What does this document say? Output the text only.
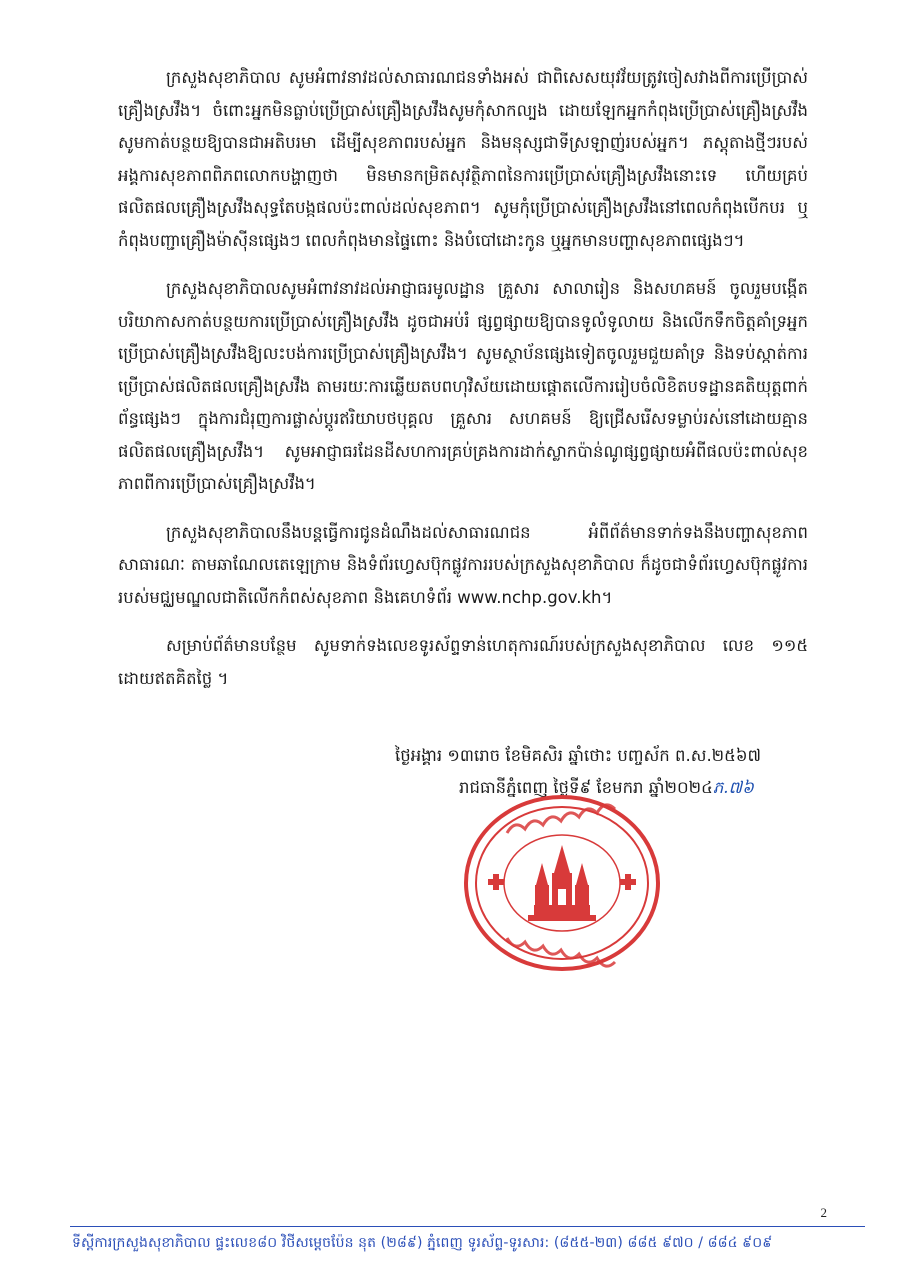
ក្រសួងសុខាភិបាល សូមអំពាវនាវដល់សាធារណជនទាំងអស់ ជាពិសេសយុវវ័យត្រូវចៀសវាងពីការប្រើប្រាស់គ្រឿងស្រវឹង។ ចំពោះអ្នកមិនធ្លាប់ប្រើប្រាស់គ្រឿងស្រវឹងសូមកុំសាកល្បង ដោយឡែកអ្នកកំពុងប្រើប្រាស់គ្រឿងស្រវឹង សូមកាត់បន្ថយឱ្យបានជាអតិបរមា ដើម្បីសុខភាពរបស់អ្នក និងមនុស្សជាទីស្រឡាញ់របស់អ្នក។ ភស្តុតាងថ្មីៗរបស់អង្គការសុខភាពពិភពលោកបង្ហាញថា មិនមានកម្រិតសុវត្ថិភាពនៃការប្រើប្រាស់គ្រឿងស្រវឹងនោះទេ ហើយគ្រប់ផលិតផលគ្រឿងស្រវឹងសុទ្ធតែបង្កផលប៉ះពាល់ដល់សុខភាព។ សូមកុំប្រើប្រាស់គ្រឿងស្រវឹងនៅពេលកំពុងបើកបរ ឬកំពុងបញ្ជាគ្រឿងម៉ាស៊ីនផ្សេងៗ ពេលកំពុងមានផ្ទៃពោះ និងបំបៅដោះកូន ឬអ្នកមានបញ្ហាសុខភាពផ្សេងៗ។

ក្រសួងសុខាភិបាលសូមអំពាវនាវដល់អាជ្ញាធរមូលដ្ឋាន គ្រួសារ សាលារៀន និងសហគមន៍ ចូលរួមបង្កើតបរិយាកាសកាត់បន្ថយការប្រើប្រាស់គ្រឿងស្រវឹង ដូចជាអប់រំ ផ្សព្វផ្សាយឱ្យបានទូលំទូលាយ និងលើកទឹកចិត្តគាំទ្រអ្នកប្រើប្រាស់គ្រឿងស្រវឹងឱ្យលះបង់ការប្រើប្រាស់គ្រឿងស្រវឹង។ សូមស្ថាប័នផ្សេងទៀតចូលរួមជួយគាំទ្រ និងទប់ស្កាត់ការប្រើប្រាស់ផលិតផលគ្រឿងស្រវឹង តាមរយៈការឆ្លើយតបពហុវិស័យដោយផ្តោតលើការរៀបចំលិខិតបទដ្ឋានគតិយុត្តពាក់ព័ន្ធផ្សេងៗ ក្នុងការជំរុញការផ្លាស់ប្តូរឥរិយាបថបុគ្គល គ្រួសារ សហគមន៍ ឱ្យជ្រើសរើសទម្លាប់រស់នៅដោយគ្មានផលិតផលគ្រឿងស្រវឹង។ សូមអាជ្ញាធរដែនដីសហការគ្រប់គ្រងការដាក់ស្លាកប៉ាន់ណូផ្សព្វផ្សាយអំពីផលប៉ះពាល់សុខភាពពីការប្រើប្រាស់គ្រឿងស្រវឹង។

ក្រសួងសុខាភិបាលនឹងបន្តធ្វើការជូនដំណឹងដល់សាធារណជន អំពីព័ត៌មានទាក់ទងនឹងបញ្ហាសុខភាពសាធារណៈ តាមឆាណែលតេឡេក្រាម និងទំព័រហ្វេសប៊ុកផ្លូវការរបស់ក្រសួងសុខាភិបាល ក៏ដូចជាទំព័រហ្វេសប៊ុកផ្លូវការរបស់មជ្ឈមណ្ឌលជាតិលើកកំពស់សុខភាព និងគេហទំព័រ www.nchp.gov.kh។

សម្រាប់ព័ត៌មានបន្ថែម សូមទាក់ទងលេខទូរស័ព្ទទាន់ហេតុការណ៍របស់ក្រសួងសុខាភិបាល លេខ ១១៥ ដោយឥតគិតថ្លៃ ។

ថ្ងៃអង្គារ ១៣រោច ខែមិគសិរ ឆ្នាំថោះ បញ្ចស័ក ព.ស.២៥៦៧
រាជធានីភ្នំពេញ ថ្ងៃទី៩ ខែមករា ឆ្នាំ២០២៤ភ.៧៦
2
ទីស្តីការក្រសួងសុខាភិបាល ផ្ទះលេខ៨០ វិថីសម្តេចប៉ែន នុត (២៨៩) ភ្នំពេញ ទូរស័ព្ទ-ទូរសារ: (៨៥៥-២៣) ៨៨៥ ៩៧០ / ៨៨៤ ៩០៩
